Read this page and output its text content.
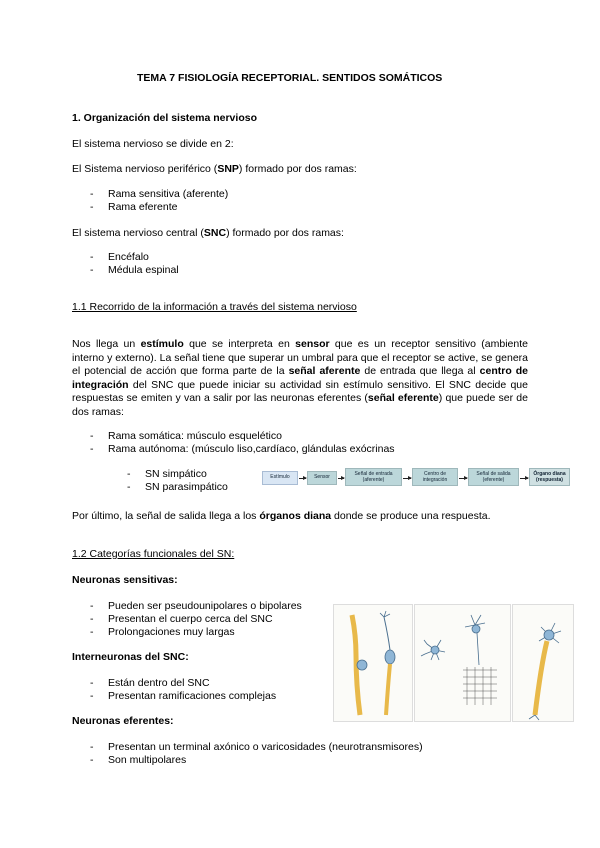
TEMA 7 FISIOLOGÍA RECEPTORIAL. SENTIDOS SOMÁTICOS
1. Organización del sistema nervioso
El sistema nervioso se divide en 2:
El Sistema nervioso periférico (SNP) formado por dos ramas:
- Rama sensitiva (aferente)
- Rama eferente
El sistema nervioso central (SNC) formado por dos ramas:
- Encéfalo
- Médula espinal
1.1 Recorrido de la información a través del sistema nervioso
Nos llega un estímulo que se interpreta en sensor que es un receptor sensitivo (ambiente interno y externo). La señal tiene que superar un umbral para que el receptor se active, se genera el potencial de acción que forma parte de la señal aferente de entrada que llega al centro de integración del SNC que puede iniciar su actividad sin estímulo sensitivo. El SNC decide que respuestas se emiten y van a salir por las neuronas eferentes (señal eferente) que puede ser de dos ramas:
- Rama somática: músculo esquelético
- Rama autónoma: (músculo liso,cardíaco, glándulas exócrinas
- SN simpático
- SN parasimpático
Estímulo	Sensor	Señal de entrada (aferente)
Centro de integración
Señal de salida (eferente)
Órgano diana (respuesta)
Por último, la señal de salida llega a los órganos diana donde se produce una respuesta.
1.2 Categorías funcionales del SN:
Neuronas sensitivas:
- Pueden ser pseudounipolares o bipolares
- Presentan el cuerpo cerca del SNC
- Prolongaciones muy largas
Interneuronas del SNC:
- Están dentro del SNC
- Presentan ramificaciones complejas
Neuronas eferentes:
- Presentan un terminal axónico o varicosidades (neurotransmisores)
- Son multipolares
